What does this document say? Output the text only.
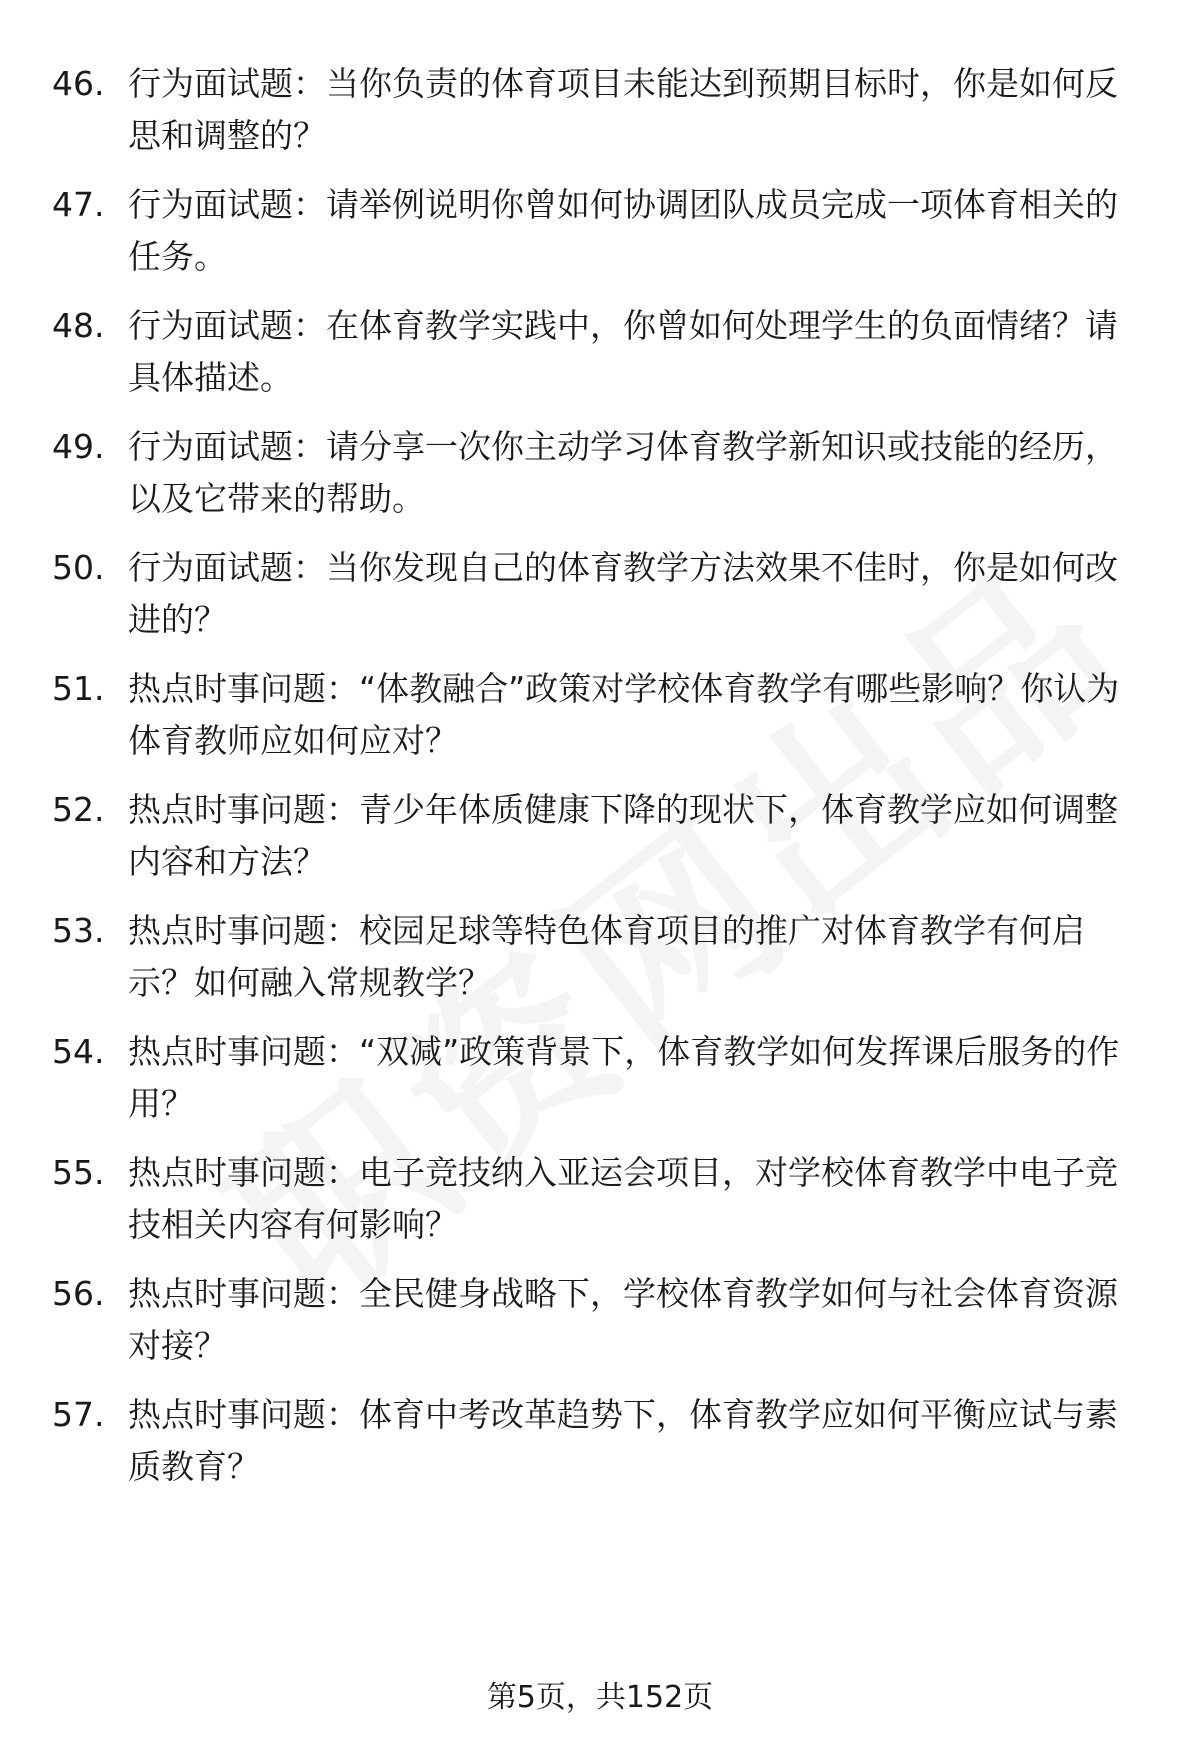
46. 行为面试题：当你负责的体育项目未能达到预期目标时，你是如何反思和调整的？
47. 行为面试题：请举例说明你曾如何协调团队成员完成一项体育相关的任务。
48. 行为面试题：在体育教学实践中，你曾如何处理学生的负面情绪？请具体描述。
49. 行为面试题：请分享一次你主动学习体育教学新知识或技能的经历，以及它带来的帮助。
50. 行为面试题：当你发现自己的体育教学方法效果不佳时，你是如何改进的？
51. 热点时事问题：“体教融合”政策对学校体育教学有哪些影响？你认为体育教师应如何应对？
52. 热点时事问题：青少年体质健康下降的现状下，体育教学应如何调整内容和方法？
53. 热点时事问题：校园足球等特色体育项目的推广对体育教学有何启示？如何融入常规教学？
54. 热点时事问题：“双减”政策背景下，体育教学如何发挥课后服务的作用？
55. 热点时事问题：电子竞技纳入亚运会项目，对学校体育教学中电子竞技相关内容有何影响？
56. 热点时事问题：全民健身战略下，学校体育教学如何与社会体育资源对接？
57. 热点时事问题：体育中考改革趋势下，体育教学应如何平衡应试与素质教育？
第5页，共152页
